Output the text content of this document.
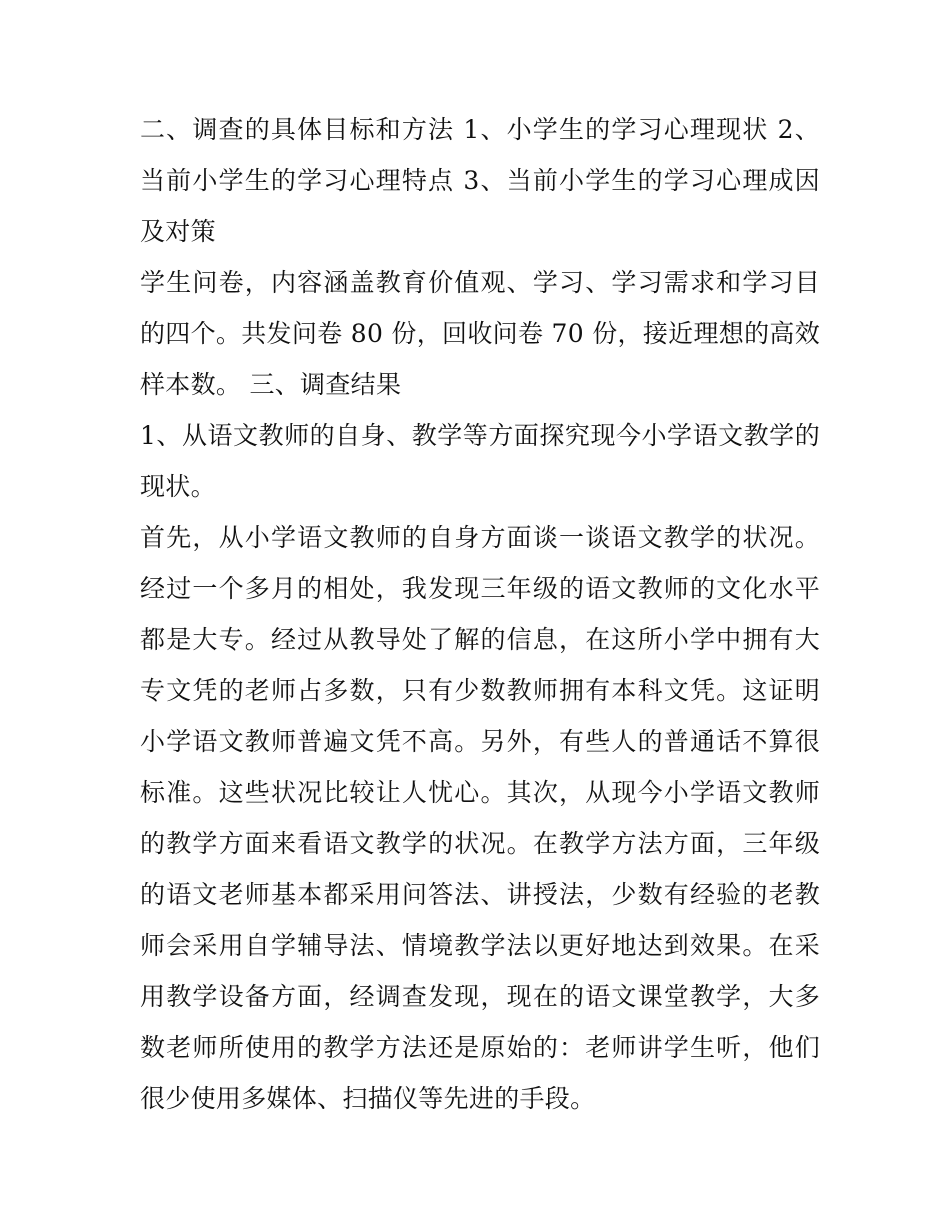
二、调查的具体目标和方法 1、小学生的学习心理现状 2、当前小学生的学习心理特点 3、当前小学生的学习心理成因及对策

学生问卷，内容涵盖教育价值观、学习、学习需求和学习目的四个。共发问卷 80 份，回收问卷 70 份，接近理想的高效样本数。 三、调查结果

1、从语文教师的自身、教学等方面探究现今小学语文教学的现状。

首先，从小学语文教师的自身方面谈一谈语文教学的状况。经过一个多月的相处，我发现三年级的语文教师的文化水平都是大专。经过从教导处了解的信息，在这所小学中拥有大专文凭的老师占多数，只有少数教师拥有本科文凭。这证明小学语文教师普遍文凭不高。另外，有些人的普通话不算很标准。这些状况比较让人忧心。其次，从现今小学语文教师的教学方面来看语文教学的状况。在教学方法方面，三年级的语文老师基本都采用问答法、讲授法，少数有经验的老教师会采用自学辅导法、情境教学法以更好地达到效果。在采用教学设备方面，经调查发现，现在的语文课堂教学，大多数老师所使用的教学方法还是原始的：老师讲学生听，他们很少使用多媒体、扫描仪等先进的手段。
